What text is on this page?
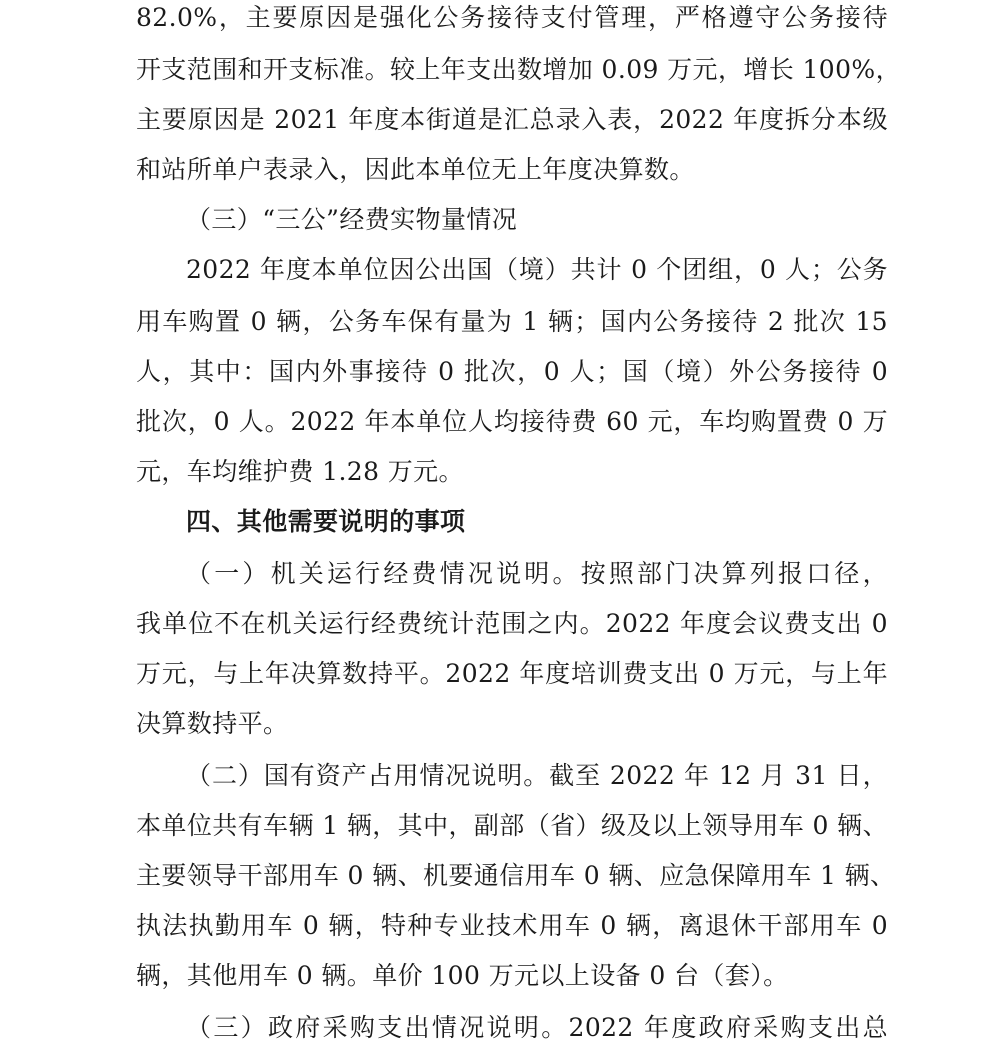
82.0%，主要原因是强化公务接待支付管理，严格遵守公务接待
开支范围和开支标准。较上年支出数增加 0.09 万元，增长 100%，
主要原因是 2021 年度本街道是汇总录入表，2022 年度拆分本级
和站所单户表录入，因此本单位无上年度决算数。
（三）“三公”经费实物量情况
2022 年度本单位因公出国（境）共计 0 个团组，0 人；公务
用车购置 0 辆，公务车保有量为 1 辆；国内公务接待 2 批次 15
人，其中：国内外事接待 0 批次，0 人；国（境）外公务接待 0
批次，0 人。2022 年本单位人均接待费 60 元，车均购置费 0 万
元，车均维护费 1.28 万元。
四、其他需要说明的事项
（一）机关运行经费情况说明。按照部门决算列报口径，
我单位不在机关运行经费统计范围之内。2022 年度会议费支出 0
万元，与上年决算数持平。2022 年度培训费支出 0 万元，与上年
决算数持平。
（二）国有资产占用情况说明。截至 2022 年 12 月 31 日，
本单位共有车辆 1 辆，其中，副部（省）级及以上领导用车 0 辆、
主要领导干部用车 0 辆、机要通信用车 0 辆、应急保障用车 1 辆、
执法执勤用车 0 辆，特种专业技术用车 0 辆，离退休干部用车 0
辆，其他用车 0 辆。单价 100 万元以上设备 0 台（套）。
（三）政府采购支出情况说明。2022 年度政府采购支出总
